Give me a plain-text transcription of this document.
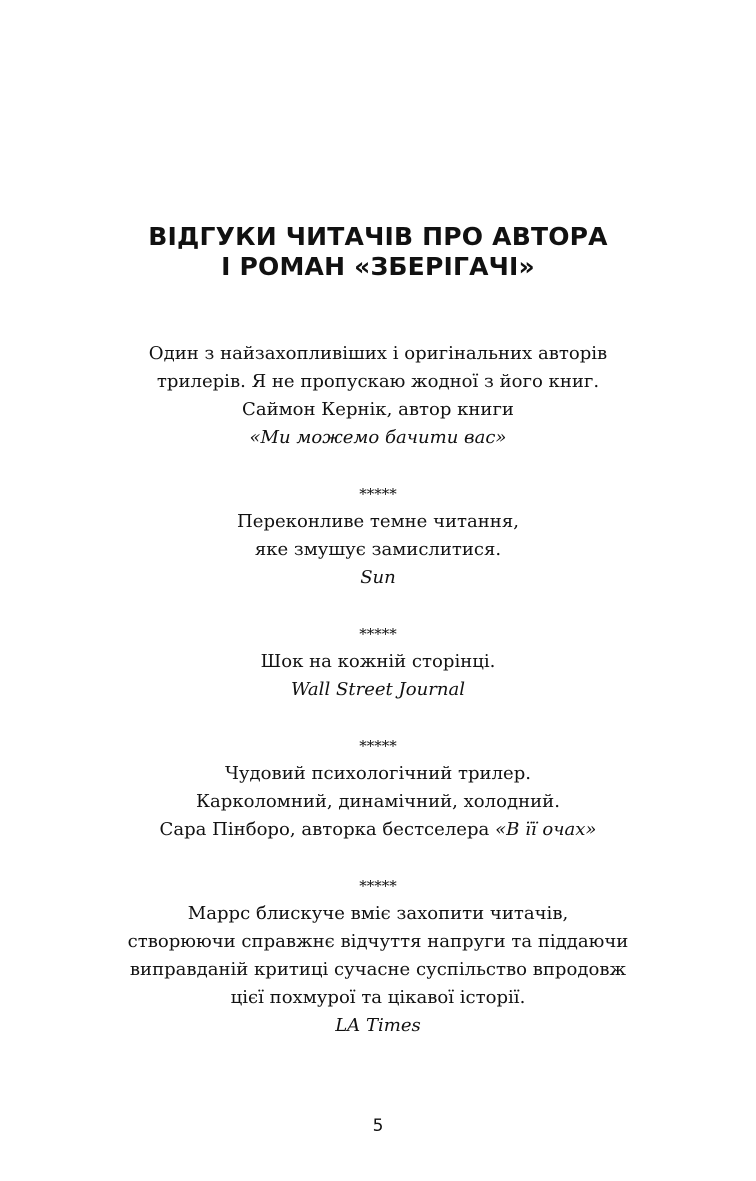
ВІДГУКИ ЧИТАЧІВ ПРО АВТОРА
І РОМАН «ЗБЕРІГАЧІ»
Один з найзахопливіших і оригінальних авторів
трилерів. Я не пропускаю жодної з його книг.
Саймон Кернік, автор книги
«Ми можемо бачити вас»
*****
Переконливе темне читання,
яке змушує замислитися.
Sun
*****
Шок на кожній сторінці.
Wall Street Journal
*****
Чудовий психологічний трилер.
Карколомний, динамічний, холодний.
Сара Пінборо, авторка бестселера «В її очах»
*****
Маррс блискуче вміє захопити читачів,
створюючи справжнє відчуття напруги та піддаючи
виправданій критиці сучасне суспільство впродовж
цієї похмурої та цікавої історії.
LA Times
5
